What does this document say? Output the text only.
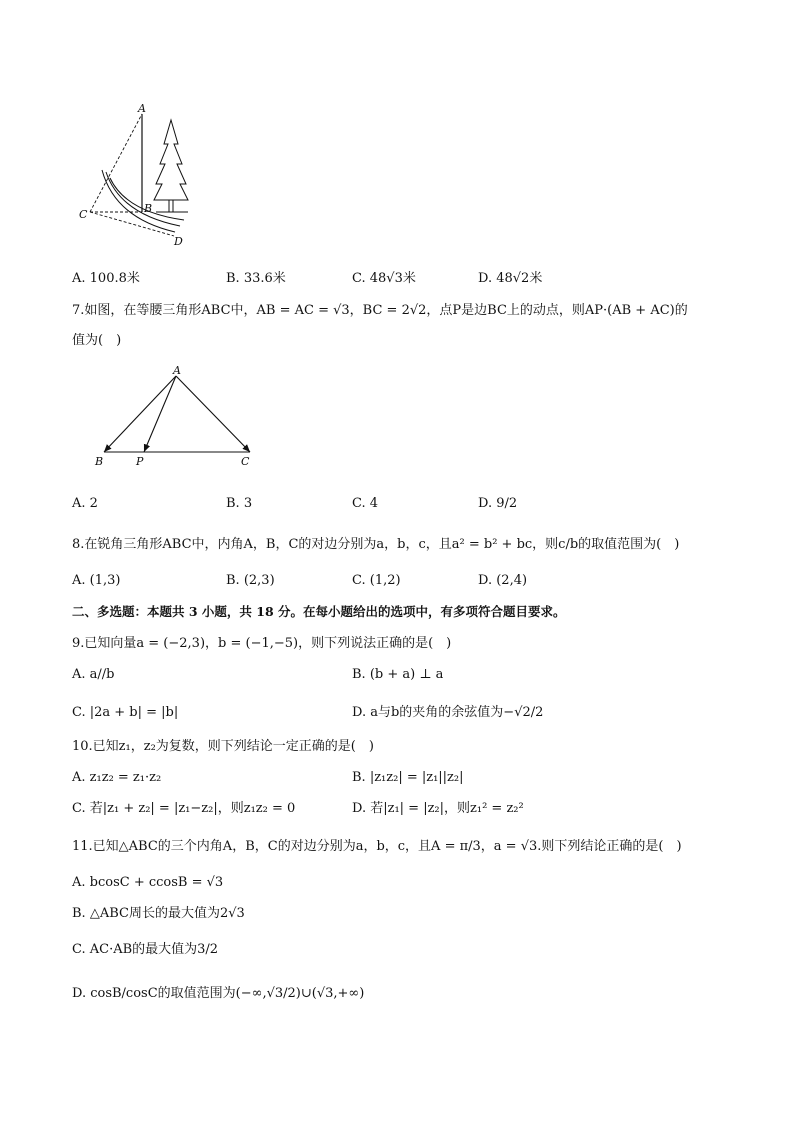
A
B
C
D
A. 100.8米	B. 33.6米	C. 48√3米	D. 48√2米
7.如图，在等腰三角形ABC中，AB = AC = √3，BC = 2√2，点P是边BC上的动点，则AP·(AB + AC)的
值为(　)
A
B	P	C
A. 2	B. 3	C. 4	D. 9/2
8.在锐角三角形ABC中，内角A，B，C的对边分别为a，b，c，且a² = b² + bc，则c/b的取值范围为(　)
A. (1,3)	B. (2,3)	C. (1,2)	D. (2,4)
二、多选题：本题共 3 小题，共 18 分。在每小题给出的选项中，有多项符合题目要求。
9.已知向量a = (−2,3)，b = (−1,−5)，则下列说法正确的是(　)
A. a//b	B. (b + a) ⊥ a
C. |2a + b| = |b|	D. a与b的夹角的余弦值为−√2/2
10.已知z₁，z₂为复数，则下列结论一定正确的是(　)
A. z₁z₂ = z₁·z₂	B. |z₁z₂| = |z₁||z₂|
C. 若|z₁ + z₂| = |z₁−z₂|，则z₁z₂ = 0	D. 若|z₁| = |z₂|，则z₁² = z₂²
11.已知△ABC的三个内角A，B，C的对边分别为a，b，c，且A = π/3，a = √3.则下列结论正确的是(　)
A. bcosC + ccosB = √3
B. △ABC周长的最大值为2√3
C. AC·AB的最大值为3/2
D. cosB/cosC的取值范围为(−∞,√3/2)∪(√3,+∞)
